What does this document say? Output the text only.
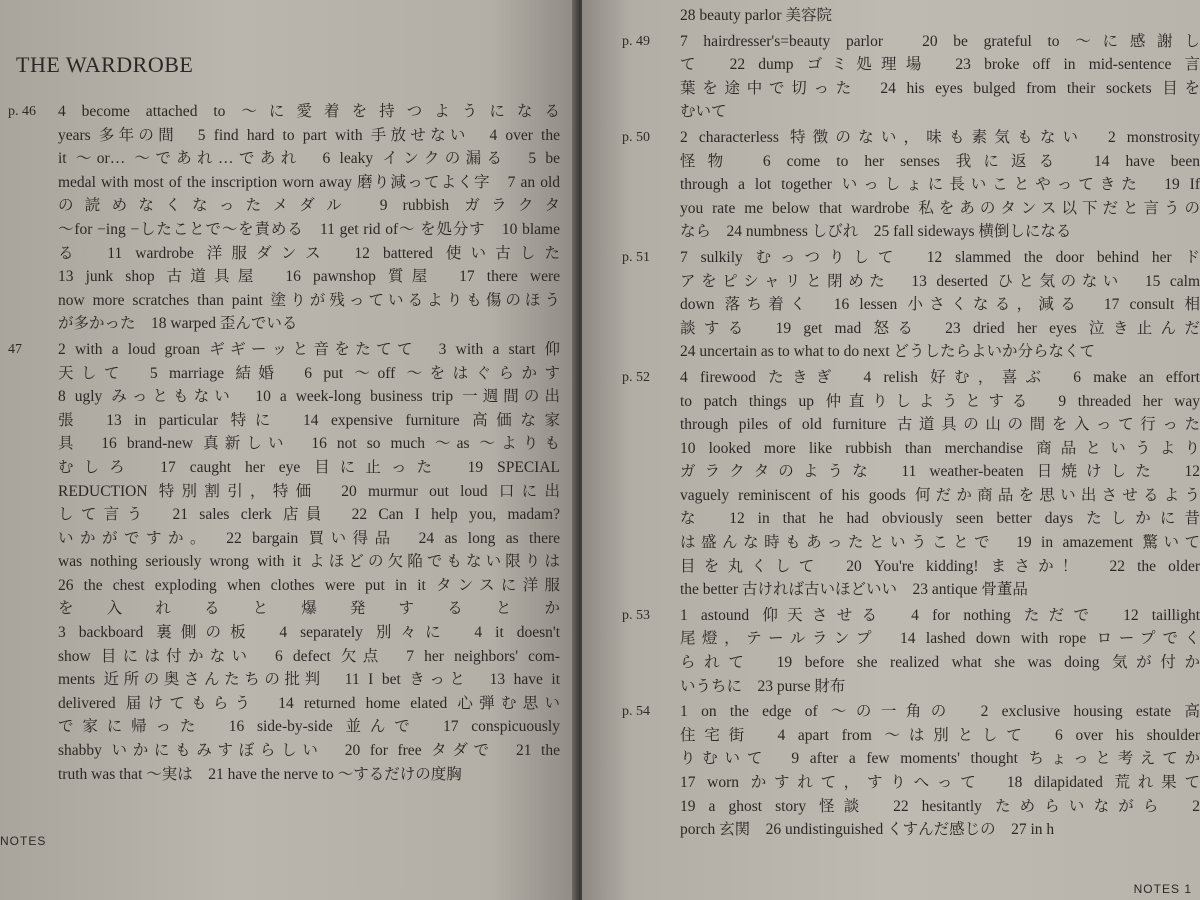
THE WARDROBE
p. 46	4 become attached to 〜に愛着を持つようになる
years 多年の間　5 find hard to part with 手放せない　4 over the
it 〜or… 〜であれ…であれ　6 leaky インクの漏る　5 be
medal with most of the inscription worn away 磨り減ってよく字　7 an old
の読めなくなったメダル　9 rubbish ガラクタ
〜for −ing −したことで〜を責める　11 get rid of〜 を処分す　10 blame
る　11 wardrobe 洋服ダンス　12 battered 使い古した
13 junk shop 古道具屋　16 pawnshop 質屋　17 there were
now more scratches than paint 塗りが残っているよりも傷のほう
が多かった　18 warped 歪んでいる
47	2 with a loud groan ギギーッと音をたてて　3 with a start 仰
天して　5 marriage 結婚　6 put 〜off 〜をはぐらかす
8 ugly みっともない　10 a week-long business trip 一週間の出
張　13 in particular 特に　14 expensive furniture 高価な家
具　16 brand-new 真新しい　16 not so much 〜as 〜よりも
むしろ　17 caught her eye 目に止った　19 SPECIAL
REDUCTION 特別割引，特価　20 murmur out loud 口に出
して言う　21 sales clerk 店員　22 Can I help you, madam?
いかがですか。　22 bargain 買い得品　24 as long as there
was nothing seriously wrong with it よほどの欠陥でもない限りは
26 the chest exploding when clothes were put in it タンスに洋服
を入れると爆発するとか
3 backboard 裏側の板　4 separately 別々に　4 it doesn't
show 目には付かない　6 defect 欠点　7 her neighbors' com-
ments 近所の奥さんたちの批判　11 I bet きっと　13 have it
delivered 届けてもらう　14 returned home elated 心弾む思い
で家に帰った　16 side-by-side 並んで　17 conspicuously
shabby いかにもみすぼらしい　20 for free タダで　21 the
truth was that 〜実は　21 have the nerve to 〜するだけの度胸
NOTES
28 beauty parlor 美容院
p. 49	7 hairdresser's=beauty parlor　20 be grateful to 〜に感謝し
て　22 dump ゴミ処理場　23 broke off in mid-sentence 言
葉を途中で切った　24 his eyes bulged from their sockets 目を
むいて
p. 50	2 characterless 特徴のない，味も素気もない　2 monstrosity
怪物　6 come to her senses 我に返る　14 have been
through a lot together いっしょに長いことやってきた　19 If
you rate me below that wardrobe 私をあのタンス以下だと言うの
なら　24 numbness しびれ　25 fall sideways 横倒しになる
p. 51	7 sulkily むっつりして　12 slammed the door behind her ド
アをピシャリと閉めた　13 deserted ひと気のない　15 calm
down 落ち着く　16 lessen 小さくなる，減る　17 consult 相
談する　19 get mad 怒る　23 dried her eyes 泣き止んだ
24 uncertain as to what to do next どうしたらよいか分らなくて
p. 52	4 firewood たきぎ　4 relish 好む，喜ぶ　6 make an effort
to patch things up 仲直りしようとする　9 threaded her way
through piles of old furniture 古道具の山の間を入って行った
10 looked more like rubbish than merchandise 商品というより
ガラクタのような　11 weather-beaten 日焼けした　12
vaguely reminiscent of his goods 何だか商品を思い出させるよう
な　12 in that he had obviously seen better days たしかに昔
は盛んな時もあったということで　19 in amazement 驚いて
目を丸くして　20 You're kidding! まさか！　22 the older
the better 古ければ古いほどいい　23 antique 骨董品
p. 53	1 astound 仰天させる　4 for nothing ただで　12 taillight
尾燈，テールランプ　14 lashed down with rope ロープでく
られて　19 before she realized what she was doing 気が付か
いうちに　23 purse 財布
p. 54	1 on the edge of 〜の一角の　2 exclusive housing estate 高
住宅街　4 apart from 〜は別として　6 over his shoulder
りむいて　9 after a few moments' thought ちょっと考えてか
17 worn かすれて，すりへって　18 dilapidated 荒れ果て
19 a ghost story 怪談　22 hesitantly ためらいながら　2
porch 玄関　26 undistinguished くすんだ感じの　27 in h
NOTES 1
